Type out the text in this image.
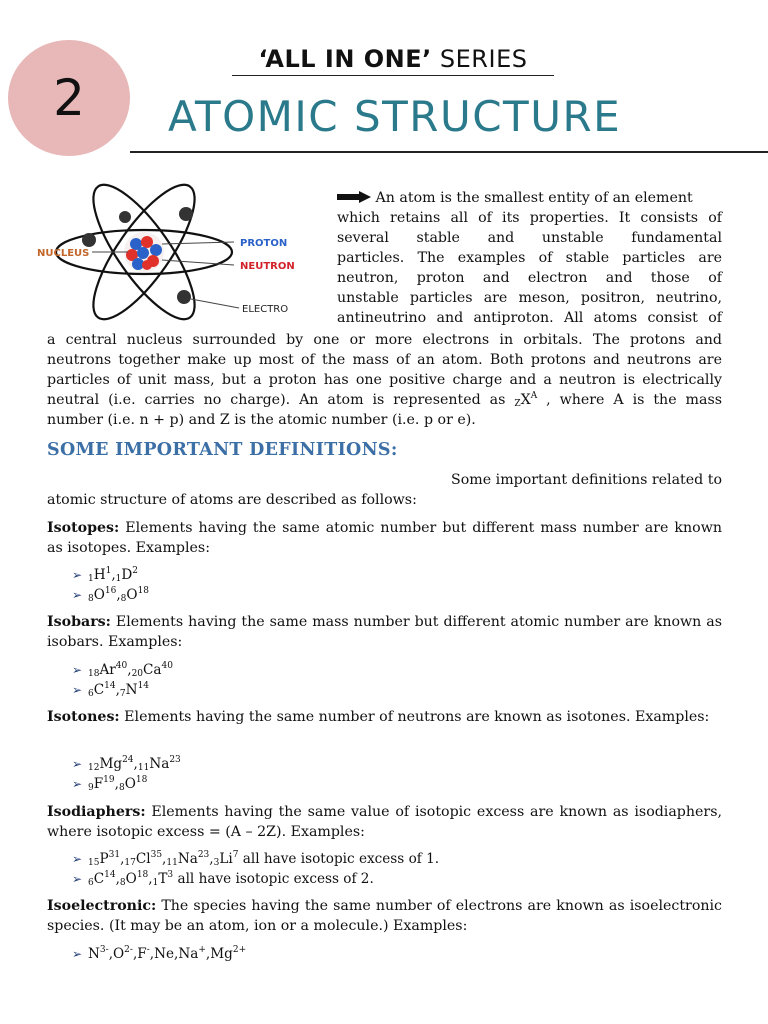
2
‘ALL IN ONE’ SERIES
ATOMIC STRUCTURE
NUCLEUS
PROTON
NEUTRON
ELECTRO
An atom is the smallest entity of an element
which retains all of its properties. It consists of
several stable and unstable fundamental
particles. The examples of stable particles are
neutron, proton and electron and those of
unstable particles are meson, positron, neutrino,
antineutrino and antiproton. All atoms consist of
a central nucleus surrounded by one or more electrons in orbitals. The protons and
neutrons together make up most of the mass of an atom. Both protons and neutrons are
particles of unit mass, but a proton has one positive charge and a neutron is electrically
neutral (i.e. carries no charge). An atom is represented as $_ZX^A$ , where A is the mass
number (i.e. n + p) and Z is the atomic number (i.e. p or e).
SOME IMPORTANT DEFINITIONS:
Some important definitions related to
atomic structure of atoms are described as follows:
Isotopes: Elements having the same atomic number but different mass number are known as isotopes. Examples:
➢ $_1H^1,_1D^2$
➢ $_8O^{16},_8O^{18}$
Isobars: Elements having the same mass number but different atomic number are known as isobars. Examples:
➢ $_{18}Ar^{40},_{20}Ca^{40}$
➢ $_6C^{14},_7N^{14}$
Isotones: Elements having the same number of neutrons are known as isotones. Examples:
➢ $_{12}Mg^{24},_{11}Na^{23}$
➢ $_9F^{19},_8O^{18}$
Isodiaphers: Elements having the same value of isotopic excess are known as isodiaphers, where isotopic excess = (A – 2Z). Examples:
➢ $_{15}P^{31},_{17}Cl^{35},_{11}Na^{23},_3Li^7$ all have isotopic excess of 1.
➢ $_6C^{14},_8O^{18},_1T^3$ all have isotopic excess of 2.
Isoelectronic: The species having the same number of electrons are known as isoelectronic species. (It may be an atom, ion or a molecule.) Examples:
➢ $N^{3-},O^{2-},F^-,Ne,Na^+,Mg^{2+}$
